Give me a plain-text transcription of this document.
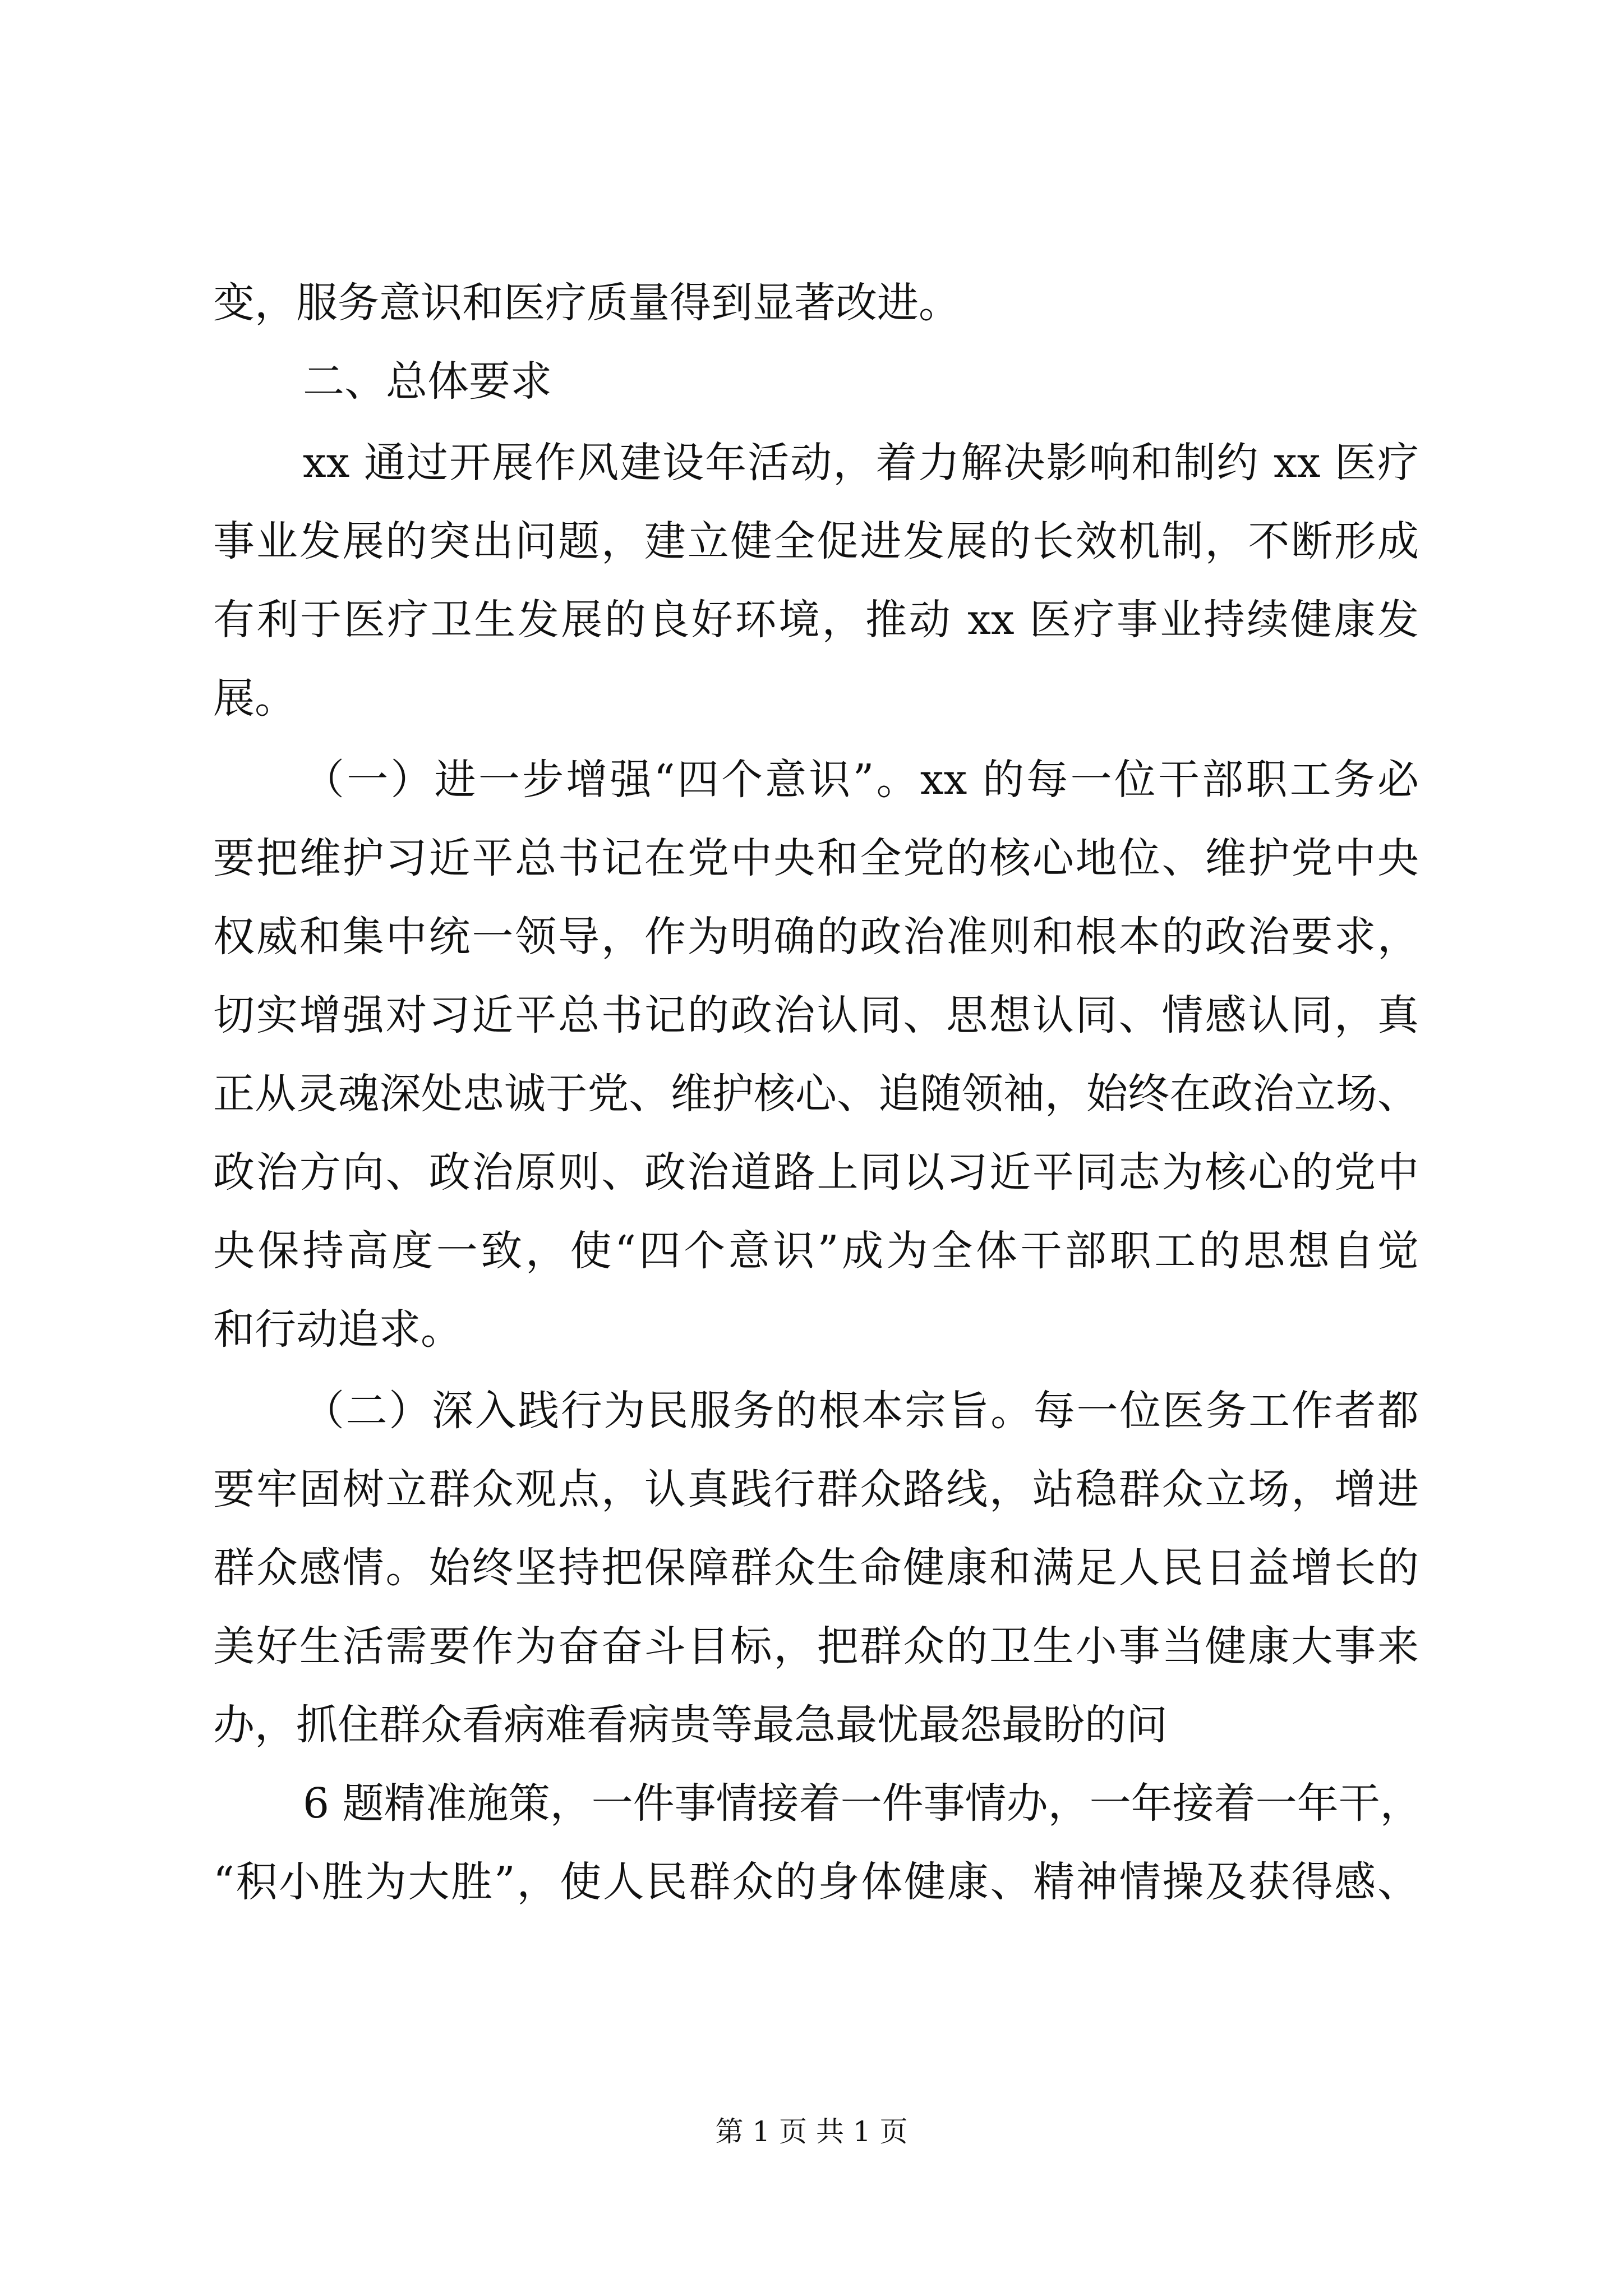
变，服务意识和医疗质量得到显著改进。
二、总体要求
xx 通过开展作风建设年活动，着力解决影响和制约 xx 医疗
事业发展的突出问题，建立健全促进发展的长效机制，不断形成
有利于医疗卫生发展的良好环境，推动 xx 医疗事业持续健康发
展。
（一）进一步增强“四个意识”。xx 的每一位干部职工务必
要把维护习近平总书记在党中央和全党的核心地位、维护党中央
权威和集中统一领导，作为明确的政治准则和根本的政治要求，
切实增强对习近平总书记的政治认同、思想认同、情感认同，真
正从灵魂深处忠诚于党、维护核心、追随领袖，始终在政治立场、
政治方向、政治原则、政治道路上同以习近平同志为核心的党中
央保持高度一致，使“四个意识”成为全体干部职工的思想自觉
和行动追求。
（二）深入践行为民服务的根本宗旨。每一位医务工作者都
要牢固树立群众观点，认真践行群众路线，站稳群众立场，增进
群众感情。始终坚持把保障群众生命健康和满足人民日益增长的
美好生活需要作为奋奋斗目标，把群众的卫生小事当健康大事来
办，抓住群众看病难看病贵等最急最忧最怨最盼的问
6 题精准施策，一件事情接着一件事情办，一年接着一年干，
“积小胜为大胜”，使人民群众的身体健康、精神情操及获得感、
第 1 页 共 1 页
